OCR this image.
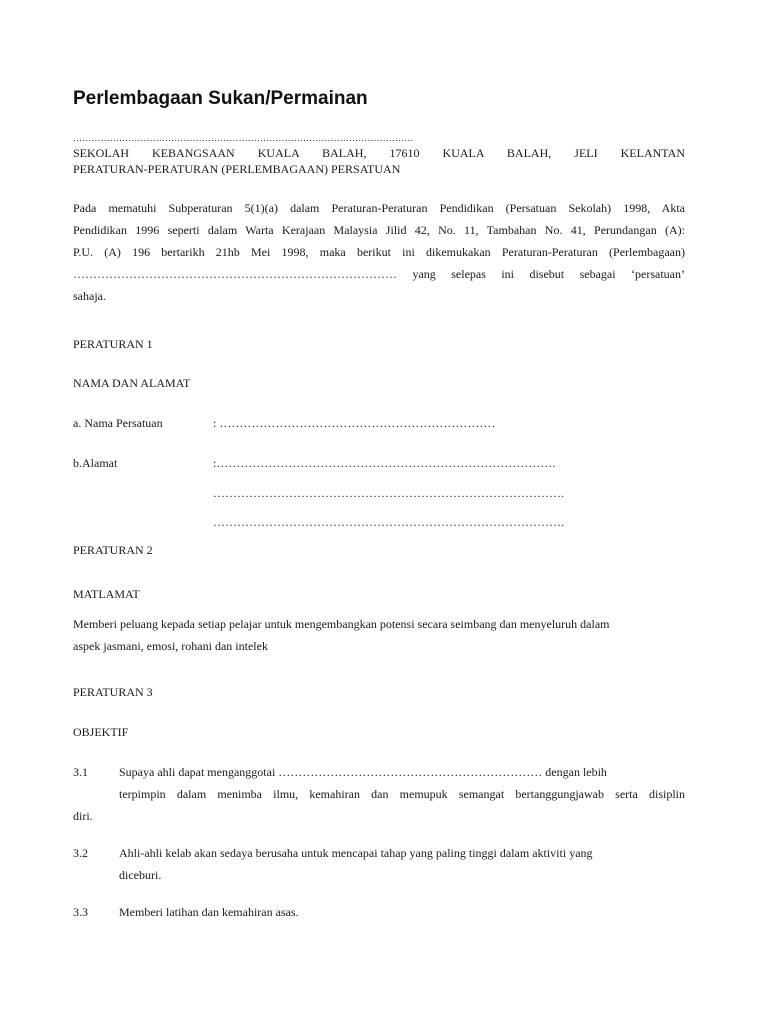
Perlembagaan Sukan/Permainan
…………………………………………………………………………………………………
SEKOLAH KEBANGSAAN KUALA BALAH, 17610 KUALA BALAH, JELI KELANTAN
PERATURAN-PERATURAN (PERLEMBAGAAN) PERSATUAN
Pada mematuhi Subperaturan 5(1)(a) dalam Peraturan-Peraturan Pendidikan (Persatuan Sekolah) 1998, Akta
Pendidikan 1996 seperti dalam Warta Kerajaan Malaysia Jilid 42, No. 11, Tambahan No. 41, Perundangan (A):
P.U. (A) 196 bertarikh 21hb Mei 1998, maka berikut ini dikemukakan Peraturan-Peraturan (Perlembagaan)
……………………………………………………………………… yang selepas ini disebut sebagai ‘persatuan’
sahaja.
PERATURAN 1
NAMA DAN ALAMAT
a. Nama Persatuan	: ……………………………………………………………
b.Alamat	:………………………………………………………………………….
…………………………………………………………………………….
…………………………………………………………………………….
PERATURAN 2
MATLAMAT
Memberi peluang kepada setiap pelajar untuk mengembangkan potensi secara seimbang dan menyeluruh dalam
aspek jasmani, emosi, rohani dan intelek
PERATURAN 3
OBJEKTIF
3.1	Supaya ahli dapat menganggotai ………………………………………………………… dengan lebih
terpimpin dalam menimba ilmu, kemahiran dan memupuk semangat bertanggungjawab serta disiplin
diri.
3.2	Ahli-ahli kelab akan sedaya berusaha untuk mencapai tahap yang paling tinggi dalam aktiviti yang
diceburi.
3.3	Memberi latihan dan kemahiran asas.
